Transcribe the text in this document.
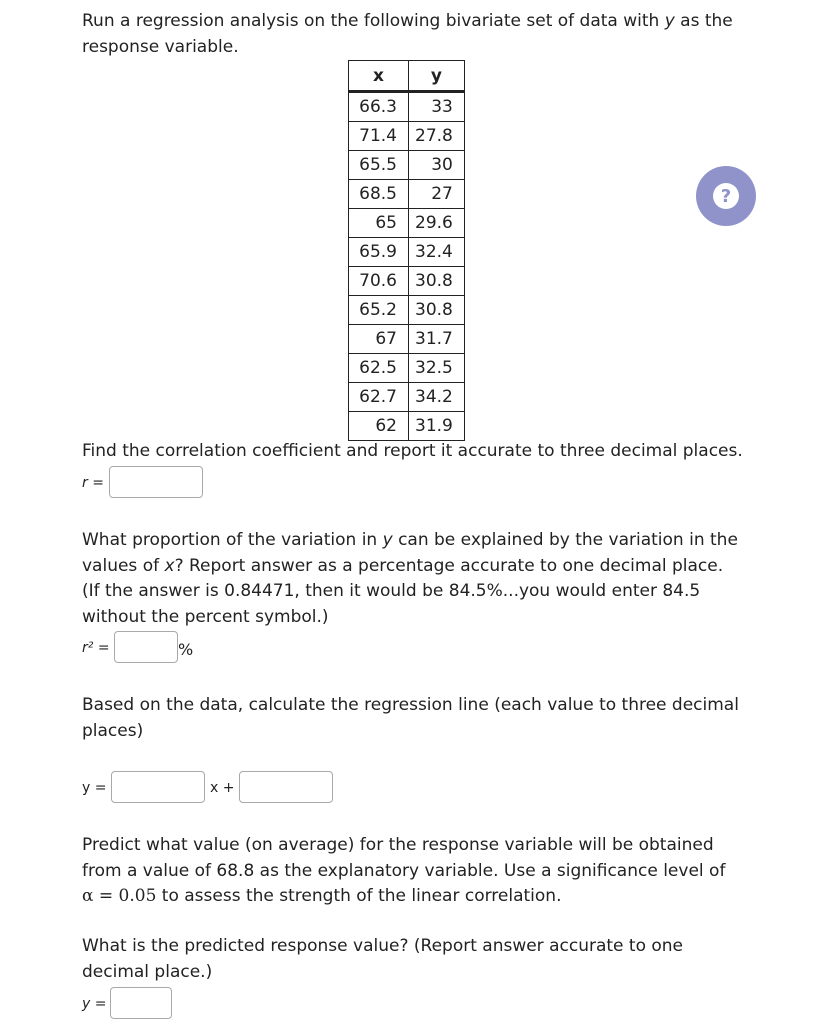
Run a regression analysis on the following bivariate set of data with y as the response variable.

x	y
66.3	33
71.4	27.8
65.5	30
68.5	27
65	29.6
65.9	32.4
70.6	30.8
65.2	30.8
67	31.7
62.5	32.5
62.7	34.2
62	31.9
?

Find the correlation coefficient and report it accurate to three decimal places.

r =

What proportion of the variation in y can be explained by the variation in the values of x? Report answer as a percentage accurate to one decimal place. (If the answer is 0.84471, then it would be 84.5%...you would enter 84.5 without the percent symbol.)

r² =	%

Based on the data, calculate the regression line (each value to three decimal places)

y =	x +

Predict what value (on average) for the response variable will be obtained from a value of 68.8 as the explanatory variable. Use a significance level of α = 0.05 to assess the strength of the linear correlation.

What is the predicted response value? (Report answer accurate to one decimal place.)

y =
